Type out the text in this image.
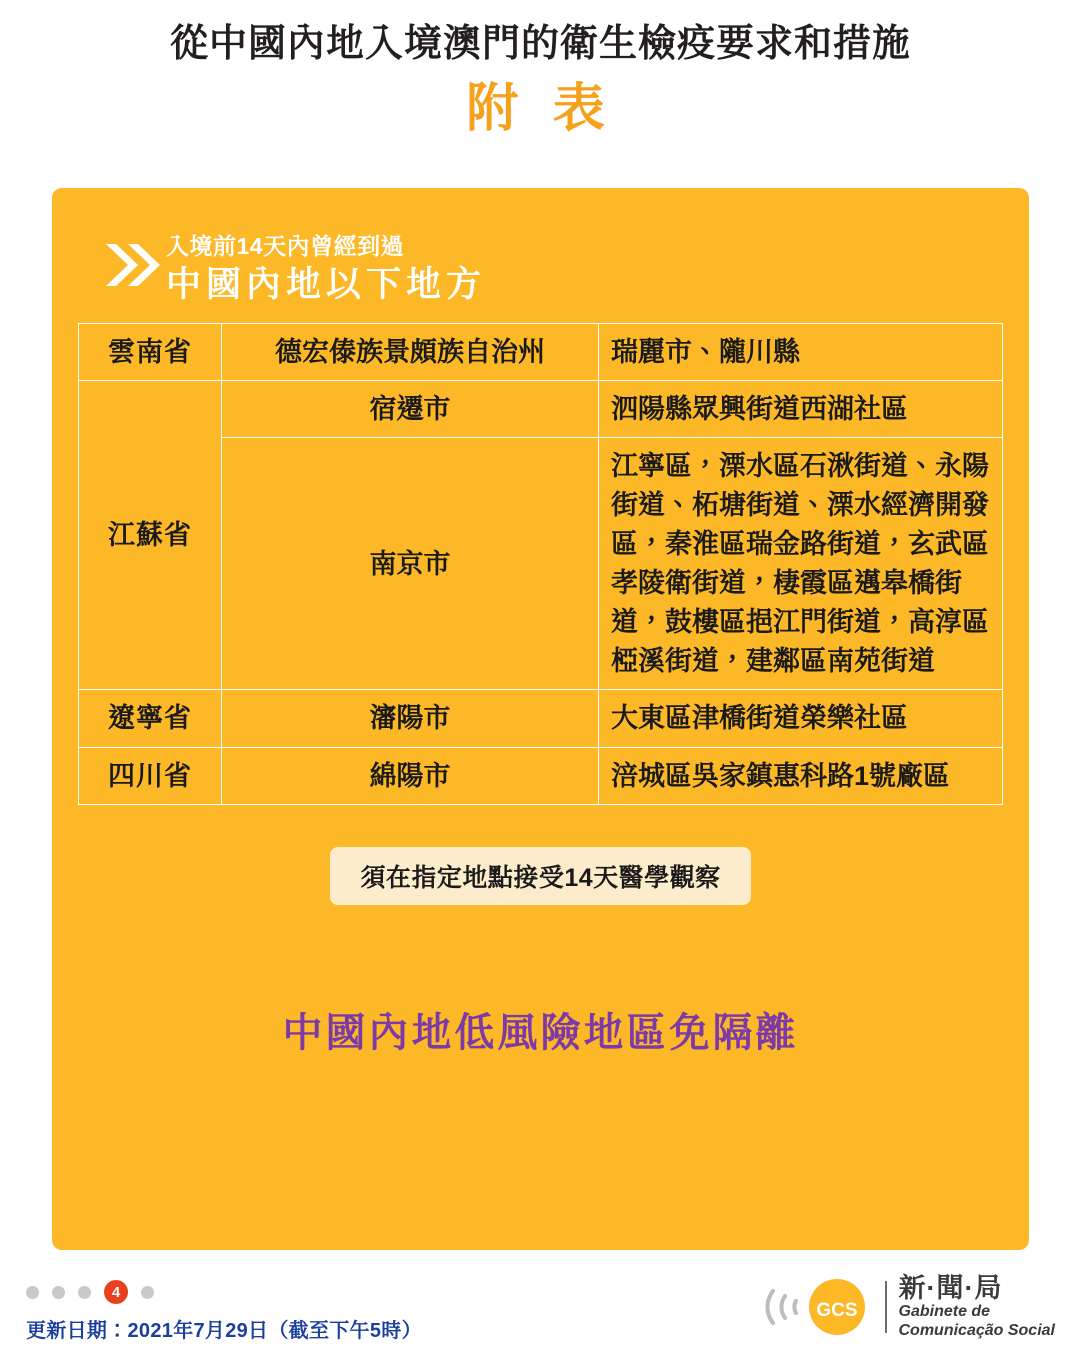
從中國內地入境澳門的衛生檢疫要求和措施
附 表
入境前14天內曾經到過
中國內地以下地方
雲南省	德宏傣族景頗族自治州	瑞麗市、隴川縣
江蘇省	宿遷市	泗陽縣眾興街道西湖社區
	南京市	江寧區，溧水區石湫街道、永陽街道、柘塘街道、溧水經濟開發區，秦淮區瑞金路街道，玄武區孝陵衛街道，棲霞區邁皋橋街道，鼓樓區挹江門街道，高淳區椏溪街道，建鄰區南苑街道
遼寧省	瀋陽市	大東區津橋街道榮樂社區
四川省	綿陽市	涪城區吳家鎮惠科路1號廠區
須在指定地點接受14天醫學觀察
中國內地低風險地區免隔離
4
更新日期：2021年7月29日（截至下午5時）
GCS
新·聞·局
Gabinete de
Comunicação Social
